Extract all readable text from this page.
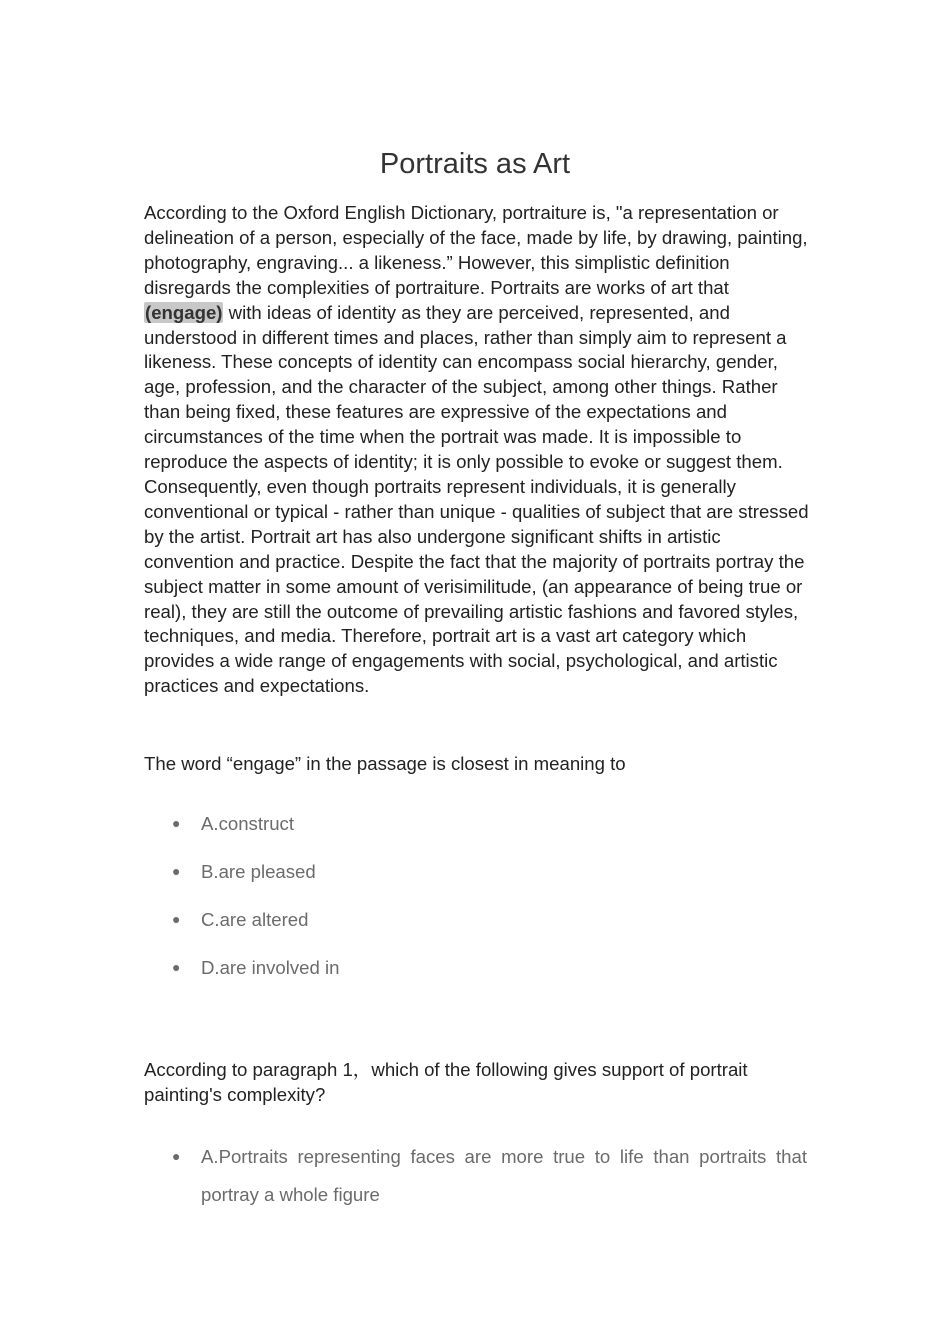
Portraits as Art

According to the Oxford English Dictionary, portraiture is, "a representation or delineation of a person, especially of the face, made by life, by drawing, painting, photography, engraving... a likeness.” However, this simplistic definition disregards the complexities of portraiture. Portraits are works of art that (engage) with ideas of identity as they are perceived, represented, and understood in different times and places, rather than simply aim to represent a likeness. These concepts of identity can encompass social hierarchy, gender, age, profession, and the character of the subject, among other things. Rather than being fixed, these features are expressive of the expectations and circumstances of the time when the portrait was made. It is impossible to reproduce the aspects of identity; it is only possible to evoke or suggest them. Consequently, even though portraits represent individuals, it is generally conventional or typical - rather than unique - qualities of subject that are stressed by the artist. Portrait art has also undergone significant shifts in artistic convention and practice. Despite the fact that the majority of portraits portray the subject matter in some amount of verisimilitude, (an appearance of being true or real), they are still the outcome of prevailing artistic fashions and favored styles, techniques, and media. Therefore, portrait art is a vast art category which provides a wide range of engagements with social, psychological, and artistic practices and expectations.

The word “engage” in the passage is closest in meaning to

● A.construct
● B.are pleased
● C.are altered
● D.are involved in

According to paragraph 1，which of the following gives support of portrait painting's complexity?

● A.Portraits representing faces are more true to life than portraits that portray a whole figure
